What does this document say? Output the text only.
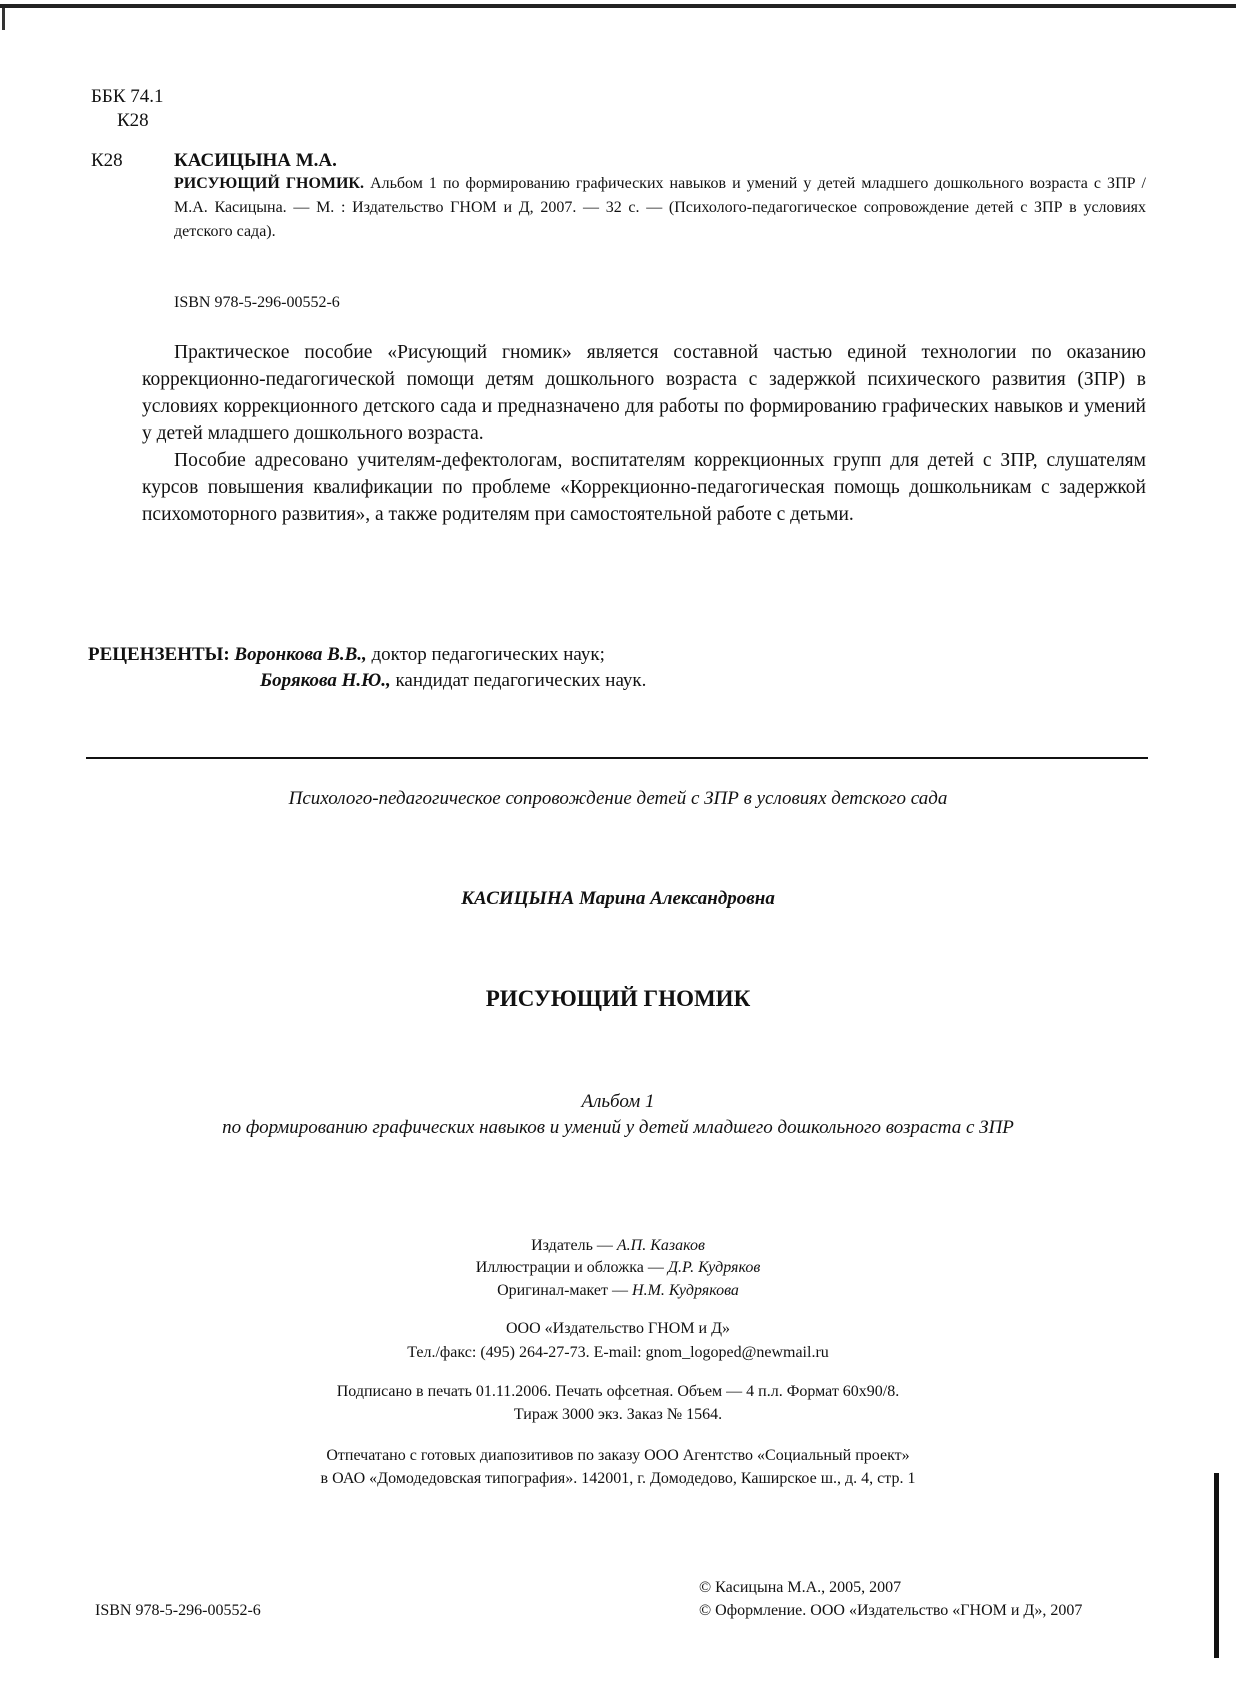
ББК 74.1
К28
К28	КАСИЦЫНА М.А.

РИСУЮЩИЙ ГНОМИК. Альбом 1 по формированию графических навыков и умений у детей младшего дошкольного возраста с ЗПР / М.А. Касицына. — М. : Издательство ГНОМ и Д, 2007. — 32 с. — (Психолого-педагогическое сопровождение детей с ЗПР в условиях детского сада).

ISBN 978-5-296-00552-6

Практическое пособие «Рисующий гномик» является составной частью единой технологии по оказанию коррекционно-педагогической помощи детям дошкольного возраста с задержкой психического развития (ЗПР) в условиях коррекционного детского сада и предназначено для работы по формированию графических навыков и умений у детей младшего дошкольного возраста.

Пособие адресовано учителям-дефектологам, воспитателям коррекционных групп для детей с ЗПР, слушателям курсов повышения квалификации по проблеме «Коррекционно-педагогическая помощь дошкольникам с задержкой психомоторного развития», а также родителям при самостоятельной работе с детьми.

РЕЦЕНЗЕНТЫ: Воронкова В.В., доктор педагогических наук;
Борякова Н.Ю., кандидат педагогических наук.
Психолого-педагогическое сопровождение детей с ЗПР в условиях детского сада
КАСИЦЫНА Марина Александровна
РИСУЮЩИЙ ГНОМИК
Альбом 1
по формированию графических навыков и умений у детей младшего дошкольного возраста с ЗПР
Издатель — А.П. Казаков
Иллюстрации и обложка — Д.Р. Кудряков
Оригинал-макет — Н.М. Кудрякова
ООО «Издательство ГНОМ и Д»
Тел./факс: (495) 264-27-73. E-mail: gnom_logoped@newmail.ru
Подписано в печать 01.11.2006. Печать офсетная. Объем — 4 п.л. Формат 60х90/8.
Тираж 3000 экз. Заказ № 1564.
Отпечатано с готовых диапозитивов по заказу ООО Агентство «Социальный проект»
в ОАО «Домодедовская типография». 142001, г. Домодедово, Каширское ш., д. 4, стр. 1
ISBN 978-5-296-00552-6
© Касицына М.А., 2005, 2007
© Оформление. ООО «Издательство «ГНОМ и Д», 2007
